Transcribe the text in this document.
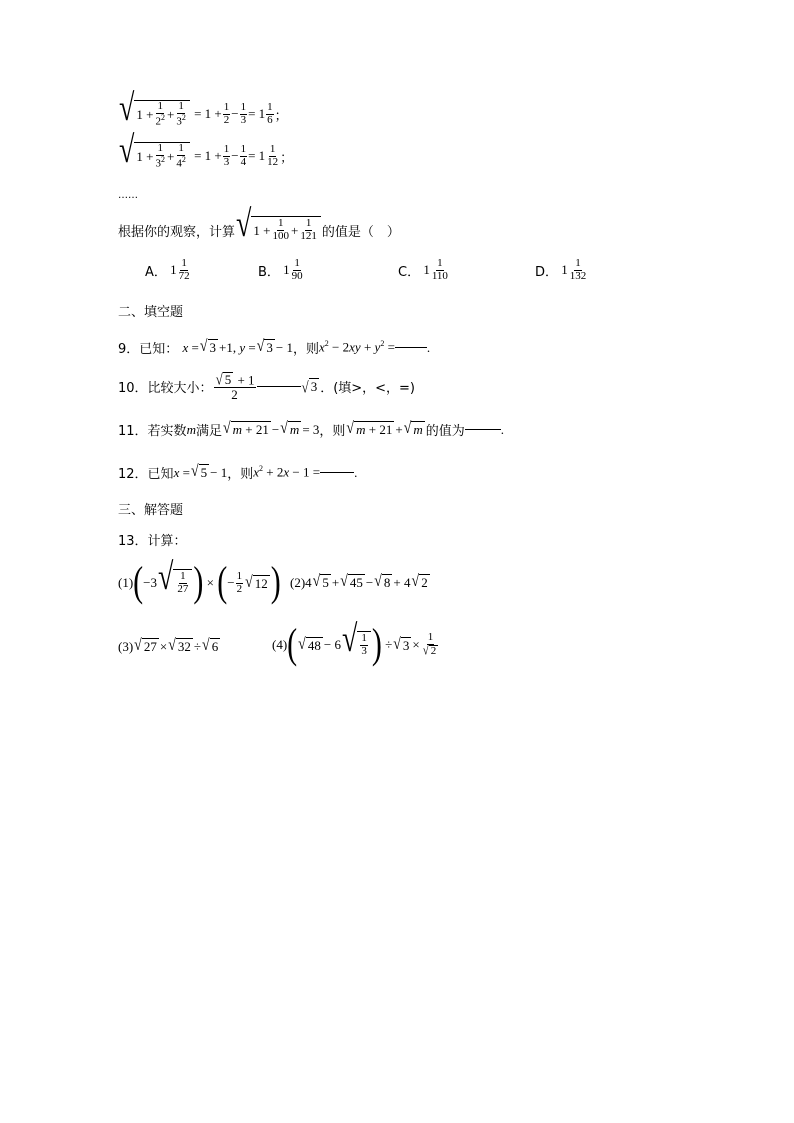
√ $1 + \frac{1}{2^2} + \frac{1}{3^2} = 1 + \frac{1}{2} - \frac{1}{3} = 1 \frac{1}{6}$ ；
√ $1 + \frac{1}{3^2} + \frac{1}{4^2} = 1 + \frac{1}{3} - \frac{1}{4} = 1 \frac{1}{12}$ ；
……
根据你的观察，计算 √ $1 + \frac{1}{100} + \frac{1}{121}$ 的值是（　）
A．
$1 \frac{1}{72}$	B．
$1 \frac{1}{90}$	C．
$1 \frac{1}{110}$	D．
$1 \frac{1}{132}$
二、填空题
9． 已知：
x = √ 3 +1, y = √ 3 − 1 ，则 $x^2 - 2xy + y^2$ = .
10． 比较大小： $\frac{√ 5 + 1}{2}$	√ 3 ．(填>，<，=)
11． 若实数 m 满足 √ m + 21 − √ m = 3 ，则 √ m + 21 + √ m 的值为	.
12． 已知 x = √ 5 − 1 ，则 $x^2 + 2x - 1$ =	.
三、解答题
13． 计算：
(1) ( −3 √ $\frac{1}{27}$ ) × ( − $\frac{1}{2}$ √ 12 ) (2) 4 √ 5 + √ 45 − √ 8 + 4 √ 2
(3) √ 27 × √ 32 ÷ √ 6	(4) ( √ 48 − 6 √ $\frac{1}{3}$ ) ÷ √ $3 \times \frac{1}{√ 2}$
